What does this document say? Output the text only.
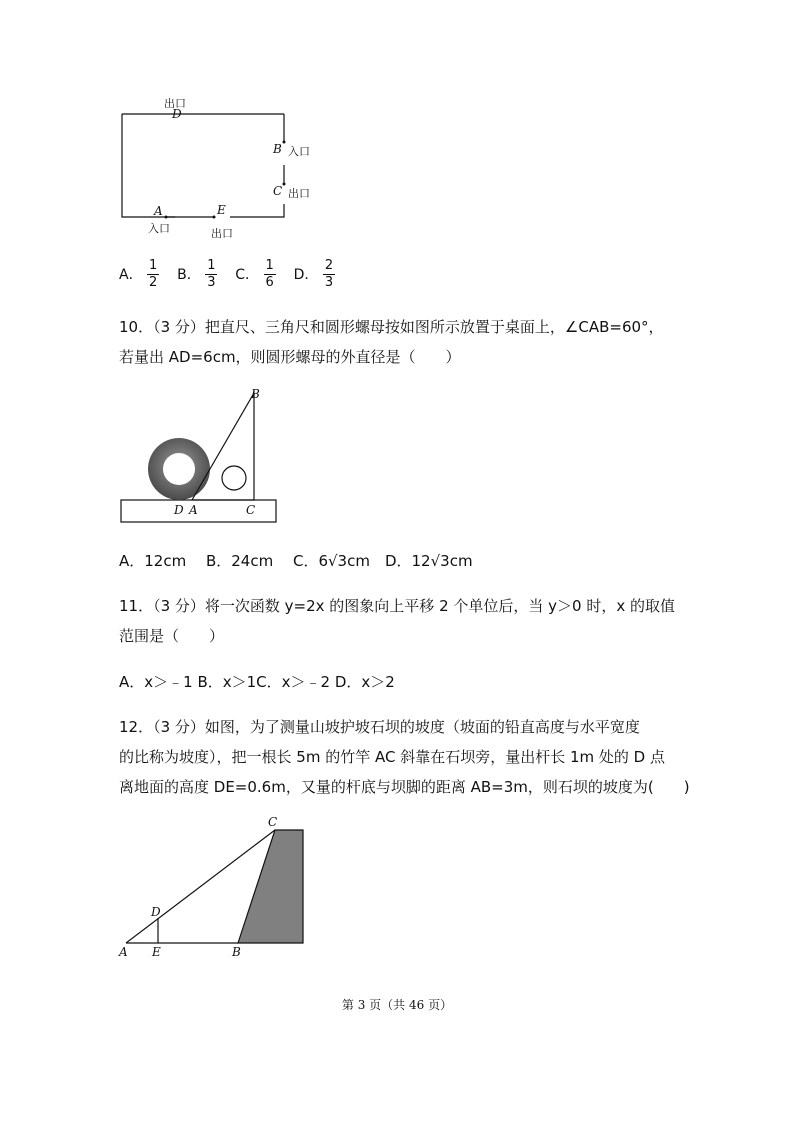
出口
D
B 入口
C 出口
A
入口
E
出口
A． $\frac{1}{2}$ B． $\frac{1}{3}$ C． $\frac{1}{6}$ D． $\frac{2}{3}$
10．（3 分）把直尺、三角尺和圆形螺母按如图所示放置于桌面上，∠CAB=60°，
若量出 AD=6cm，则圆形螺母的外直径是（　　）
B
D A	C
A．12cm　 B．24cm　 C．6√3cm　D．12√3cm
11．（3 分）将一次函数 y=2x 的图象向上平移 2 个单位后，当 y＞0 时，x 的取值
范围是（　　）
A．x＞﹣1 B．x＞1C．x＞﹣2 D．x＞2
12．（3 分）如图，为了测量山坡护坡石坝的坡度（坡面的铅直高度与水平宽度
的比称为坡度），把一根长 5m 的竹竿 AC 斜靠在石坝旁，量出杆长 1m 处的 D 点
离地面的高度 DE=0.6m，又量的杆底与坝脚的距离 AB=3m，则石坝的坡度为(　　)
C
D
A E	B
第 3 页（共 46 页）
